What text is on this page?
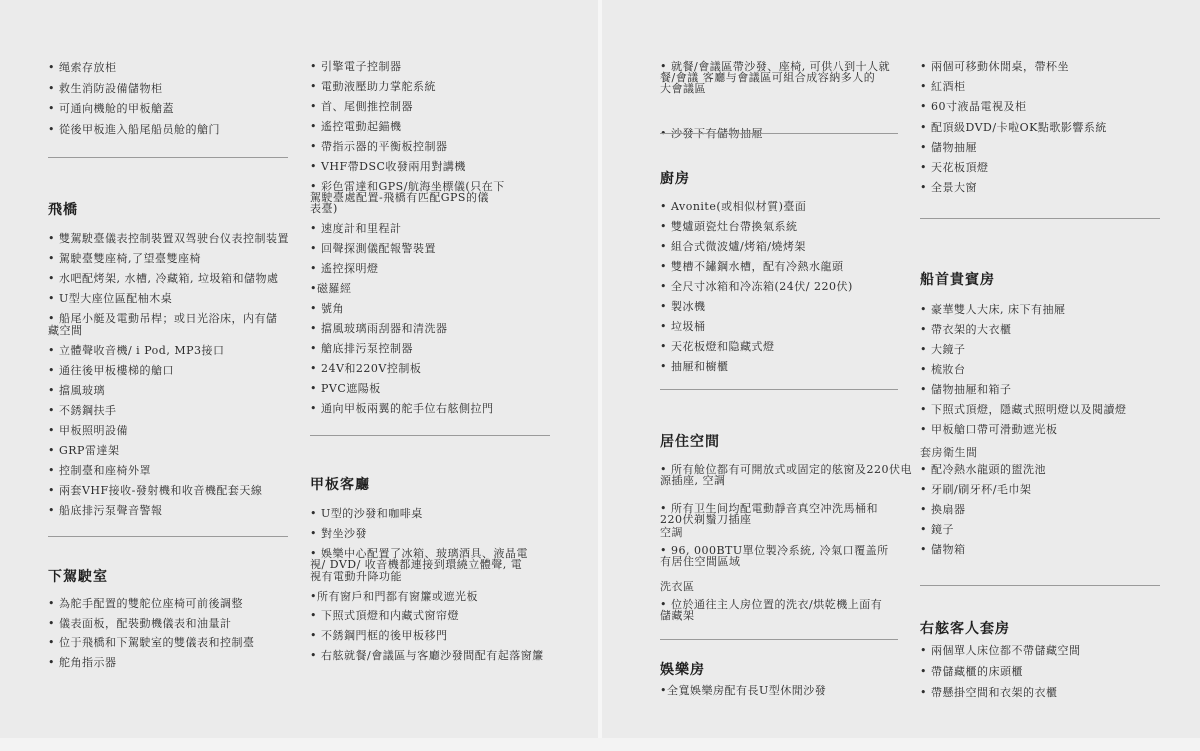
• 绳索存放柜
• 救生消防設備儲物柜
• 可通向機舱的甲板艙蓋
• 從後甲板進入船尾船员舱的艙门
飛橋
• 雙駕駛臺儀表控制裝置双驾驶台仪表控制装置
• 駕駛臺雙座椅,了望臺雙座椅
• 水吧配烤架, 水槽, 冷藏箱, 垃圾箱和儲物處
• U型大座位區配柚木桌
• 船尾小艇及電動吊桿；或日光浴床，内有儲
藏空間
• 立體聲收音機/ i Pod, MP3接口
• 通往後甲板樓梯的艙口
• 擋風玻璃
• 不銹鋼扶手
• 甲板照明設備
• GRP雷達架
• 控制臺和座椅外罩
• 兩套VHF接收-發射機和收音機配套天線
• 船底排污泵聲音警報
下駕駛室
• 為舵手配置的雙舵位座椅可前後調整
• 儀表面板，配裝動機儀表和油量計
• 位于飛橋和下駕駛室的雙儀表和控制臺
• 舵角指示器
• 引擎電子控制器
• 電動液壓助力掌舵系統
• 首、尾側推控制器
• 遙控電動起錨機
• 帶指示器的平衡板控制器
• VHF帶DSC收發兩用對講機
• 彩色雷達和GPS/航海坐標儀(只在下
駕駛臺處配置-飛橋有匹配GPS的儀
表臺)
• 速度計和里程計
• 回聲探測儀配報警裝置
• 遙控探明燈
•磁羅經
• 號角
• 擋風玻璃雨刮器和清洗器
• 艙底排污泵控制器
• 24V和220V控制板
• PVC遮陽板
• 通向甲板兩翼的舵手位右舷側拉門
甲板客廳
• U型的沙發和咖啡桌
• 對坐沙發
• 娛樂中心配置了冰箱、玻璃酒具、液晶電
視/ DVD/ 收音機都連接到環繞立體聲, 電
視有電動升降功能
•所有窗戶和門都有窗簾或遮光板
• 下照式頂燈和内藏式窗帘燈
• 不銹鋼門框的後甲板移門
• 右舷就餐/會議區与客廳沙發間配有起落窗簾
• 就餐/會議區帶沙發、座椅, 可供八到十人就
餐/會議 客廳与會議區可組合成容納多人的
大會議區
• 沙發下有儲物抽屜
廚房
• Avonite(或相似材質)臺面
• 雙爐頭瓷灶台帶換氣系統
• 組合式微波爐/烤箱/燒烤架
• 雙槽不鏽鋼水槽，配有冷熱水龍頭
• 全尺寸冰箱和冷冻箱(24伏/ 220伏)
• 製冰機
• 垃圾桶
• 天花板燈和隐藏式燈
• 抽屜和櫥櫃
居住空間
• 所有舱位都有可開放式或固定的舷窗及220伏电
源插座, 空調
• 所有卫生间均配電動靜音真空冲洗馬桶和
220伏剃鬚刀插座
空調
• 96, 000BTU單位製冷系統, 冷氣口覆盖所
有居住空間區域
洗衣區
• 位於通往主人房位置的洗衣/烘乾機上面有
儲藏架
娛樂房
•全寬娛樂房配有長U型休閒沙發
• 兩個可移動休閒桌，帶杯坐
• 紅酒柜
• 60寸液晶電視及柜
• 配頂級DVD/卡啦OK點歌影響系統
• 儲物抽屜
• 天花板頂燈
• 全景大窗
船首貴賓房
• 豪華雙人大床, 床下有抽屜
• 帶衣架的大衣櫃
• 大鏡子
• 梳妝台
• 儲物抽屜和箱子
• 下照式頂燈，隱藏式照明燈以及閱讀燈
• 甲板艙口帶可滑動遮光板
套房衛生間
• 配冷熱水龍頭的盥洗池
• 牙刷/刷牙杯/毛巾架
• 換扇器
• 鏡子
• 儲物箱
右舷客人套房
• 兩個單人床位都不帶儲藏空間
• 帶儲藏櫃的床頭櫃
• 帶懸掛空間和衣架的衣櫃
